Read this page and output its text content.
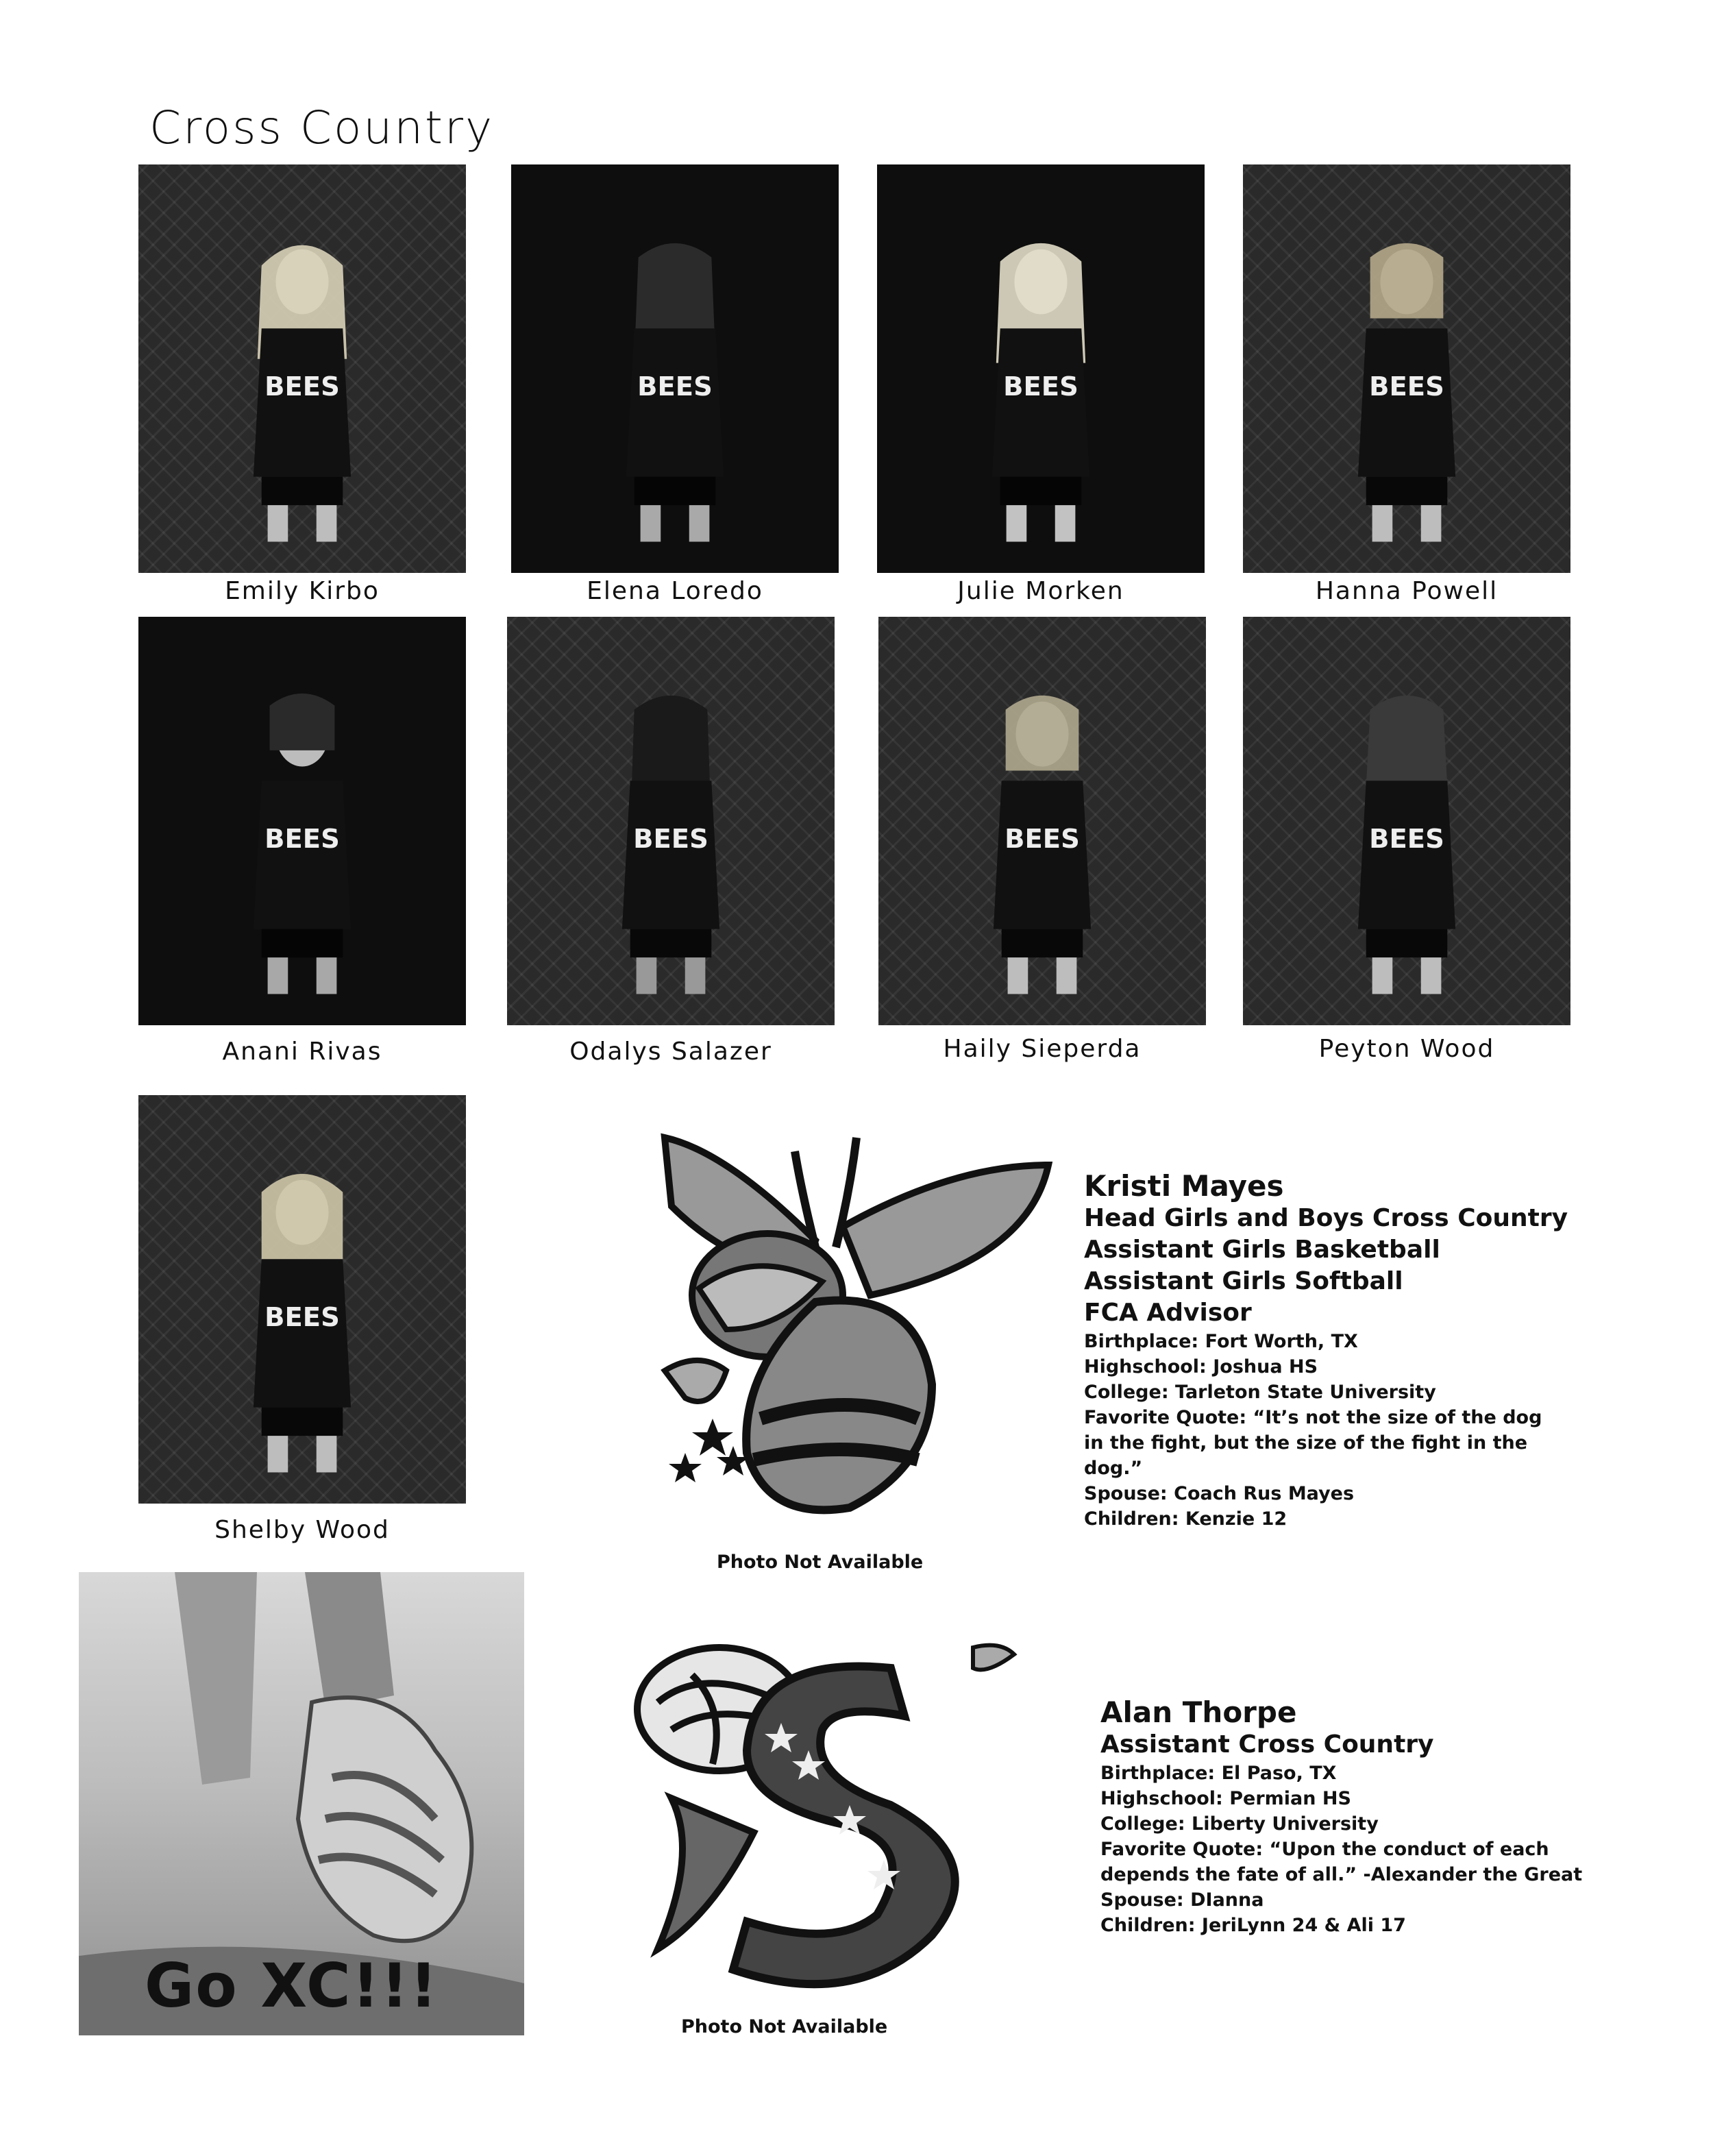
Cross Country
BEES	BEES	BEES	BEES
Emily Kirbo	Elena Loredo	Julie Morken	Hanna Powell
BEES	BEES	BEES	BEES
Anani Rivas	Odalys Salazer	Haily Sieperda	Peyton Wood
BEES
Shelby Wood
Photo Not Available
Kristi Mayes
Head Girls and Boys Cross Country
Assistant Girls Basketball
Assistant Girls Softball
FCA Advisor
Birthplace: Fort Worth, TX
Highschool: Joshua HS
College: Tarleton State University
Favorite Quote: “It’s not the size of the dog
in the fight, but the size of the fight in the
dog.”
Spouse: Coach Rus Mayes
Children: Kenzie 12
Photo Not Available
Alan Thorpe
Assistant Cross Country
Birthplace: El Paso, TX
Highschool: Permian HS
College: Liberty University
Favorite Quote: “Upon the conduct of each
depends the fate of all.” -Alexander the Great
Spouse: DIanna
Children: JeriLynn 24 & Ali 17
Go XC!!!
